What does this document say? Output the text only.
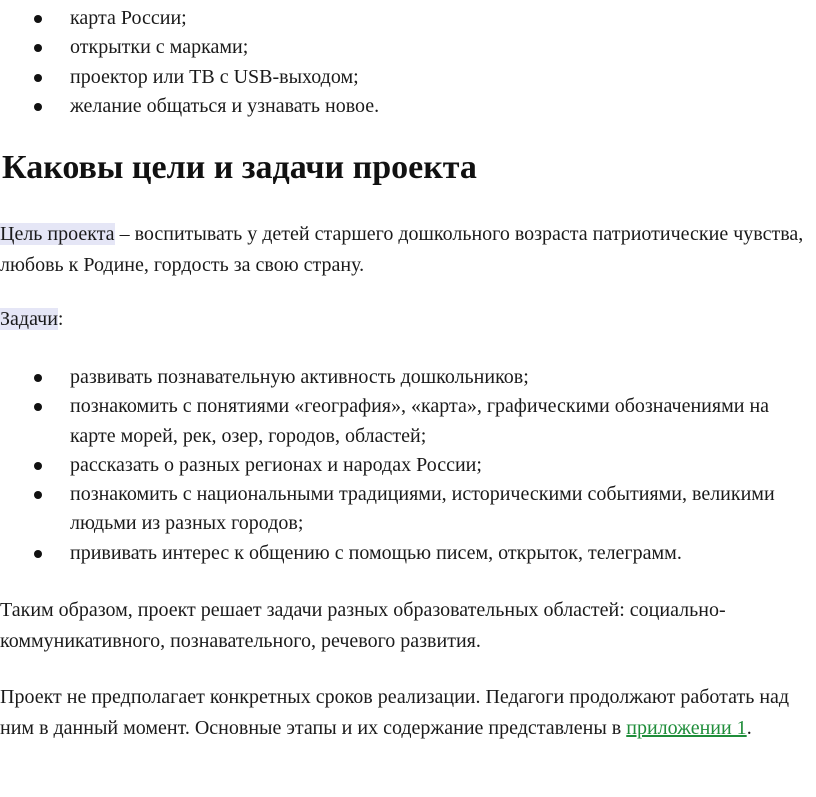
карта России;
открытки с марками;
проектор или ТВ с USB-выходом;
желание общаться и узнавать новое.
Каковы цели и задачи проекта

Цель проекта – воспитывать у детей старшего дошкольного возраста патриотические чувства, любовь к Родине, гордость за свою страну.

Задачи:

развивать познавательную активность дошкольников;
познакомить с понятиями «география», «карта», графическими обозначениями на карте морей, рек, озер, городов, областей;
рассказать о разных регионах и народах России;
познакомить с национальными традициями, историческими событиями, великими людьми из разных городов;
прививать интерес к общению с помощью писем, открыток, телеграмм.

Таким образом, проект решает задачи разных образовательных областей: социально-коммуникативного, познавательного, речевого развития.

Проект не предполагает конкретных сроков реализации. Педагоги продолжают работать над ним в данный момент. Основные этапы и их содержание представлены в приложении 1.
